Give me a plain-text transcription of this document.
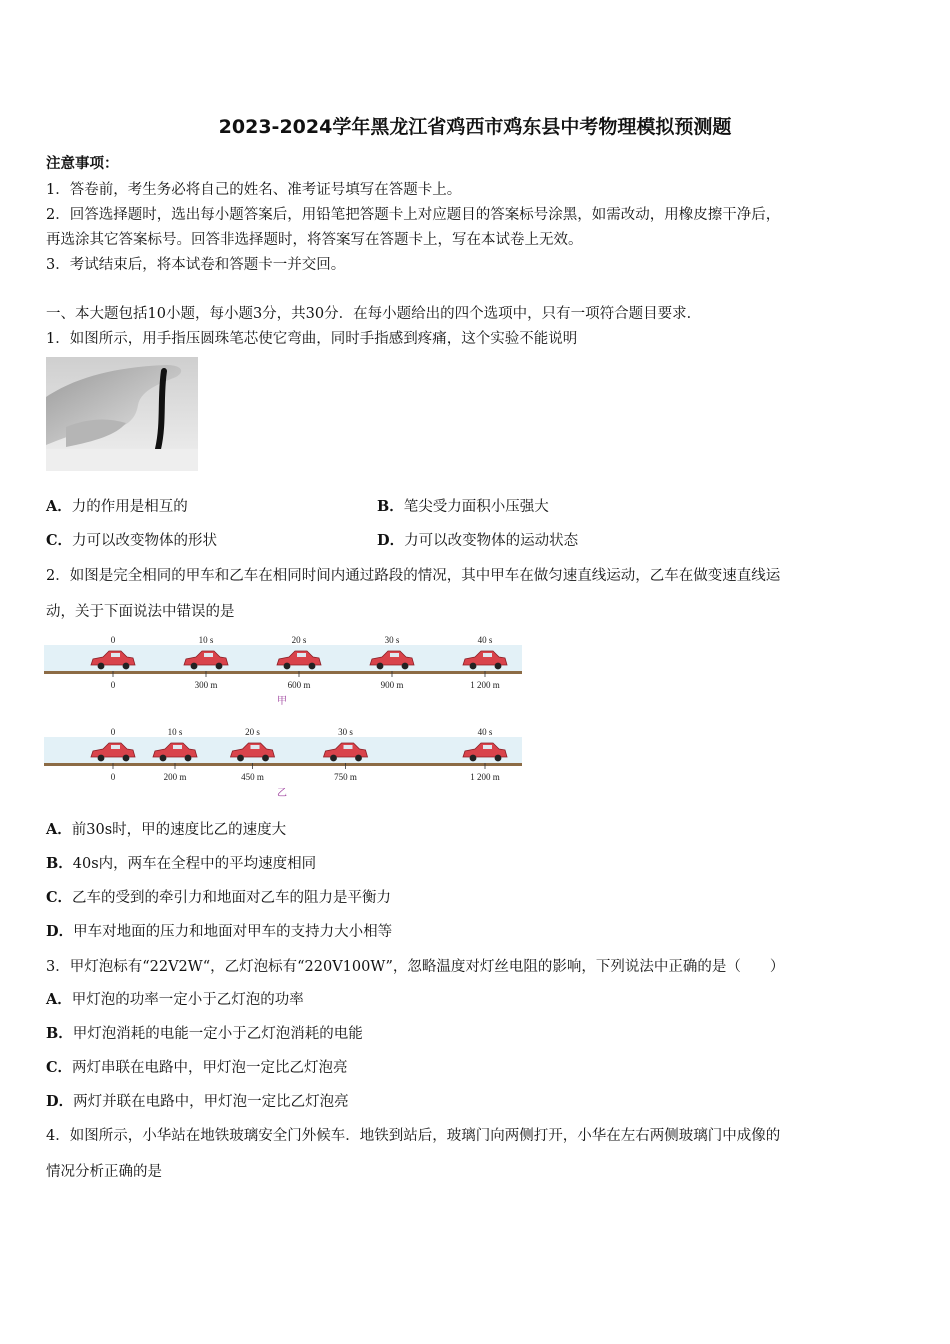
2023-2024学年黑龙江省鸡西市鸡东县中考物理模拟预测题
注意事项：
1．答卷前，考生务必将自己的姓名、准考证号填写在答题卡上。
2．回答选择题时，选出每小题答案后，用铅笔把答题卡上对应题目的答案标号涂黑，如需改动，用橡皮擦干净后，
再选涂其它答案标号。回答非选择题时，将答案写在答题卡上，写在本试卷上无效。
3．考试结束后，将本试卷和答题卡一并交回。
一、本大题包括10小题，每小题3分，共30分．在每小题给出的四个选项中，只有一项符合题目要求．
1．如图所示，用手指压圆珠笔芯使它弯曲，同时手指感到疼痛，这个实验不能说明
A．力的作用是相互的	B．笔尖受力面积小压强大
C．力可以改变物体的形状	D．力可以改变物体的运动状态
2．如图是完全相同的甲车和乙车在相同时间内通过路段的情况，其中甲车在做匀速直线运动，乙车在做变速直线运
动，关于下面说法中错误的是
0
0
10 s
300 m
20 s
600 m
30 s
900 m
40 s
1 200 m
甲
0
0
10 s
200 m
20 s
450 m
30 s
750 m
40 s
1 200 m
乙
A．前30s时，甲的速度比乙的速度大
B．40s内，两车在全程中的平均速度相同
C．乙车的受到的牵引力和地面对乙车的阻力是平衡力
D．甲车对地面的压力和地面对甲车的支持力大小相等
3．甲灯泡标有“22V2W“，乙灯泡标有“220V100W”，忽略温度对灯丝电阻的影响，下列说法中正确的是（　　）
A．甲灯泡的功率一定小于乙灯泡的功率
B．甲灯泡消耗的电能一定小于乙灯泡消耗的电能
C．两灯串联在电路中，甲灯泡一定比乙灯泡亮
D．两灯并联在电路中，甲灯泡一定比乙灯泡亮
4．如图所示，小华站在地铁玻璃安全门外候车．地铁到站后，玻璃门向两侧打开，小华在左右两侧玻璃门中成像的
情况分析正确的是
